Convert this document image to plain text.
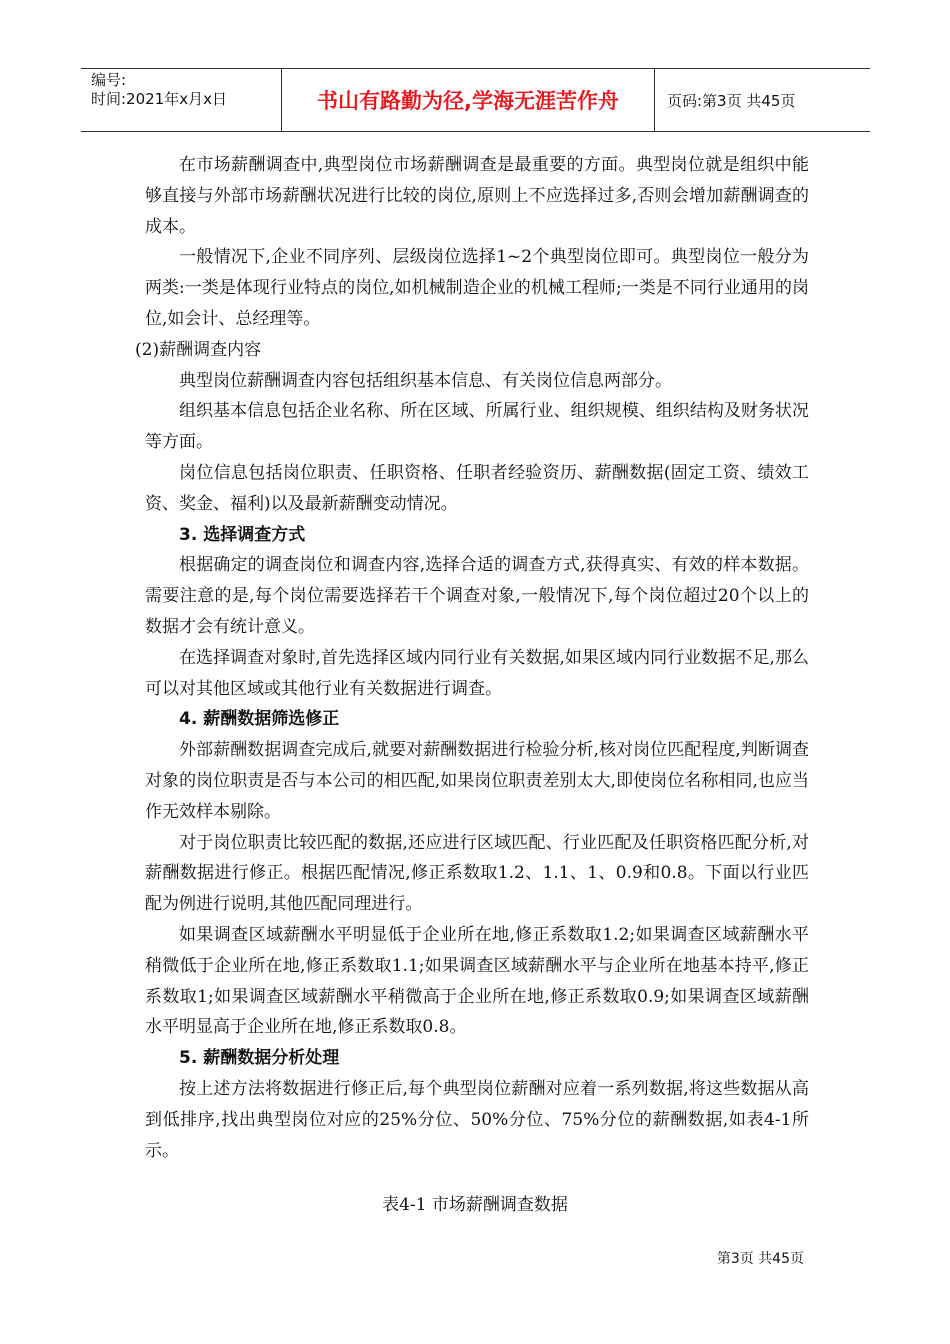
编号:
时间:2021年x月x日	书山有路勤为径,学海无涯苦作舟	页码:第3页 共45页

在市场薪酬调查中,典型岗位市场薪酬调查是最重要的方面。典型岗位就是组织中能够直接与外部市场薪酬状况进行比较的岗位,原则上不应选择过多,否则会增加薪酬调查的成本。

一般情况下,企业不同序列、层级岗位选择1~2个典型岗位即可。典型岗位一般分为两类:一类是体现行业特点的岗位,如机械制造企业的机械工程师;一类是不同行业通用的岗位,如会计、总经理等。

(2)薪酬调查内容

典型岗位薪酬调查内容包括组织基本信息、有关岗位信息两部分。

组织基本信息包括企业名称、所在区域、所属行业、组织规模、组织结构及财务状况等方面。

岗位信息包括岗位职责、任职资格、任职者经验资历、薪酬数据(固定工资、绩效工资、奖金、福利)以及最新薪酬变动情况。

3. 选择调查方式

根据确定的调查岗位和调查内容,选择合适的调查方式,获得真实、有效的样本数据。需要注意的是,每个岗位需要选择若干个调查对象,一般情况下,每个岗位超过20个以上的数据才会有统计意义。

在选择调查对象时,首先选择区域内同行业有关数据,如果区域内同行业数据不足,那么可以对其他区域或其他行业有关数据进行调查。

4. 薪酬数据筛选修正

外部薪酬数据调查完成后,就要对薪酬数据进行检验分析,核对岗位匹配程度,判断调查对象的岗位职责是否与本公司的相匹配,如果岗位职责差别太大,即使岗位名称相同,也应当作无效样本剔除。

对于岗位职责比较匹配的数据,还应进行区域匹配、行业匹配及任职资格匹配分析,对薪酬数据进行修正。根据匹配情况,修正系数取1.2、1.1、1、0.9和0.8。下面以行业匹配为例进行说明,其他匹配同理进行。

如果调查区域薪酬水平明显低于企业所在地,修正系数取1.2;如果调查区域薪酬水平稍微低于企业所在地,修正系数取1.1;如果调查区域薪酬水平与企业所在地基本持平,修正系数取1;如果调查区域薪酬水平稍微高于企业所在地,修正系数取0.9;如果调查区域薪酬水平明显高于企业所在地,修正系数取0.8。

5. 薪酬数据分析处理

按上述方法将数据进行修正后,每个典型岗位薪酬对应着一系列数据,将这些数据从高到低排序,找出典型岗位对应的25%分位、50%分位、75%分位的薪酬数据,如表4-1所示。

表4-1 市场薪酬调查数据
第3页 共45页
